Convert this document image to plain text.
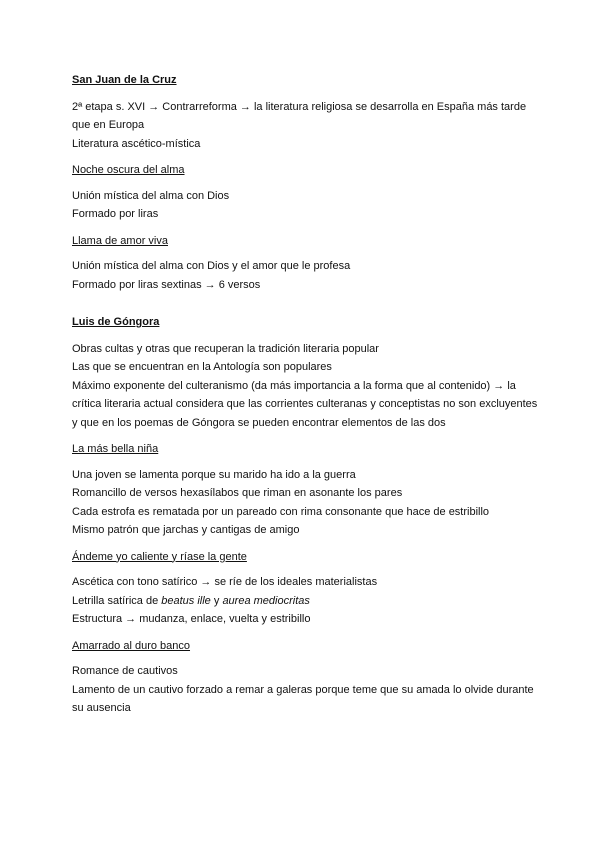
San Juan de la Cruz

2ª etapa s. XVI → Contrarreforma → la literatura religiosa se desarrolla en España más tarde que en Europa

Literatura ascético-mística

Noche oscura del alma

Unión mística del alma con Dios

Formado por liras

Llama de amor viva

Unión mística del alma con Dios y el amor que le profesa

Formado por liras sextinas → 6 versos

Luis de Góngora

Obras cultas y otras que recuperan la tradición literaria popular

Las que se encuentran en la Antología son populares

Máximo exponente del culteranismo (da más importancia a la forma que al contenido) → la crítica literaria actual considera que las corrientes culteranas y conceptistas no son excluyentes y que en los poemas de Góngora se pueden encontrar elementos de las dos

La más bella niña

Una joven se lamenta porque su marido ha ido a la guerra

Romancillo de versos hexasílabos que riman en asonante los pares

Cada estrofa es rematada por un pareado con rima consonante que hace de estribillo

Mismo patrón que jarchas y cantigas de amigo

Ándeme yo caliente y ríase la gente

Ascética con tono satírico → se ríe de los ideales materialistas

Letrilla satírica de beatus ille y aurea mediocritas

Estructura → mudanza, enlace, vuelta y estribillo

Amarrado al duro banco

Romance de cautivos

Lamento de un cautivo forzado a remar a galeras porque teme que su amada lo olvide durante su ausencia
